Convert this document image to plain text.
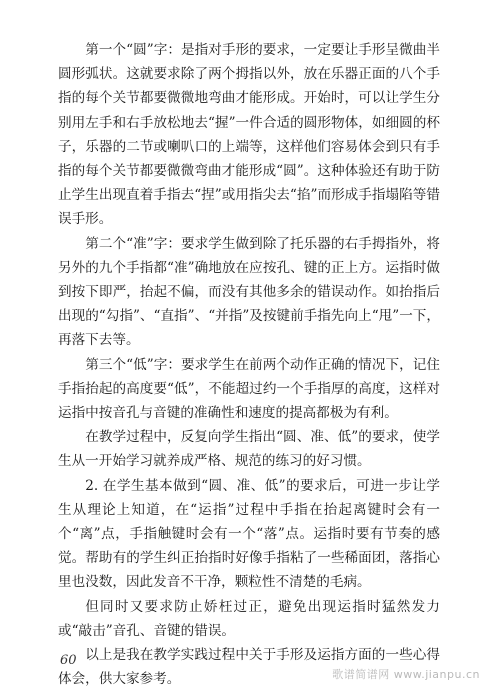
第一个“圆”字：是指对手形的要求，一定要让手形呈微曲半圆形弧状。这就要求除了两个拇指以外，放在乐器正面的八个手指的每个关节都要微微地弯曲才能形成。开始时，可以让学生分别用左手和右手放松地去“握”一件合适的圆形物体，如细圆的杯子，乐器的二节或喇叭口的上端等，这样他们容易体会到只有手指的每个关节都要微微弯曲才能形成“圆”。这种体验还有助于防止学生出现直着手指去“捏”或用指尖去“掐”而形成手指塌陷等错误手形。

第二个“准”字：要求学生做到除了托乐器的右手拇指外，将另外的九个手指都“准”确地放在应按孔、键的正上方。运指时做到按下即严，抬起不偏，而没有其他多余的错误动作。如抬指后出现的“勾指”、“直指”、“并指”及按键前手指先向上“甩”一下，再落下去等。

第三个“低”字：要求学生在前两个动作正确的情况下，记住手指抬起的高度要“低”，不能超过约一个手指厚的高度，这样对运指中按音孔与音键的准确性和速度的提高都极为有利。

在教学过程中，反复向学生指出“圆、准、低”的要求，使学生从一开始学习就养成严格、规范的练习的好习惯。

2. 在学生基本做到“圆、准、低”的要求后，可进一步让学生从理论上知道，在“运指”过程中手指在抬起离键时会有一个“离”点，手指触键时会有一个“落”点。运指时要有节奏的感觉。帮助有的学生纠正抬指时好像手指粘了一些稀面团，落指心里也没数，因此发音不干净，颗粒性不清楚的毛病。

但同时又要求防止娇枉过正，避免出现运指时猛然发力或“敲击”音孔、音键的错误。

以上是我在教学实践过程中关于手形及运指方面的一些心得体会，供大家参考。

60
歌谱简谱网 www.jianpu.cn
